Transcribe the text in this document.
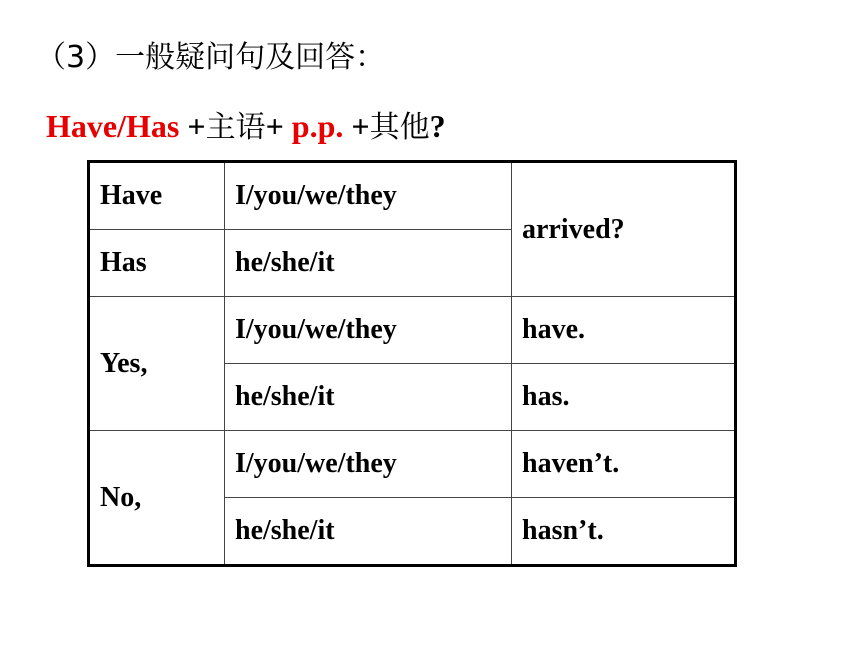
（3）一般疑问句及回答：
Have/Has +主语+ p.p. +其他?
Have	I/you/we/they	arrived?
Has	he/she/it	
Yes,	I/you/we/they	have.
	he/she/it	has.
No,	I/you/we/they	haven’t.
	he/she/it	hasn’t.
